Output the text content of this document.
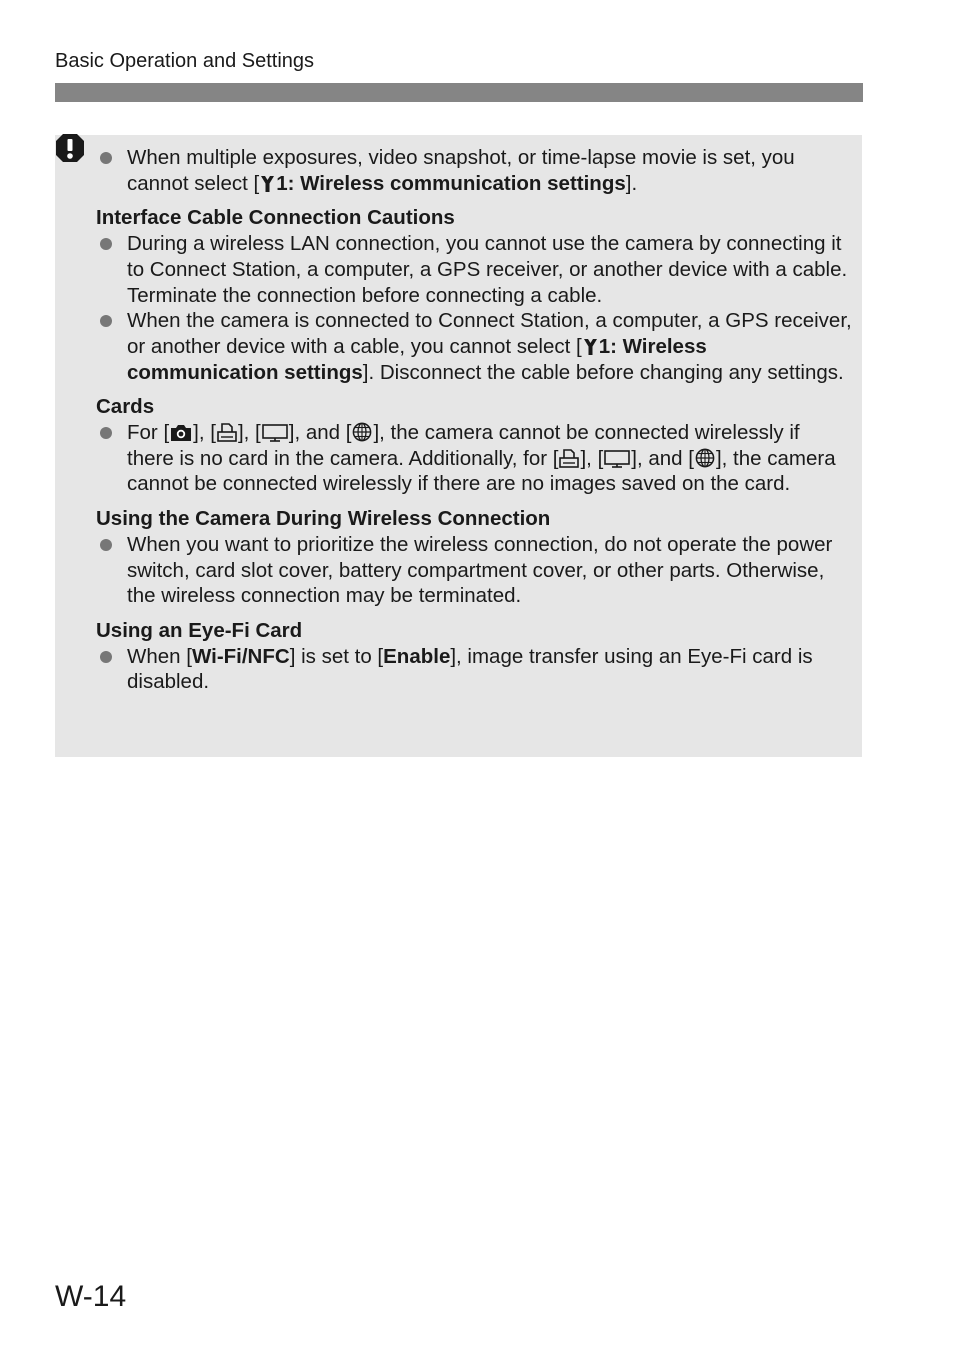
Basic Operation and Settings
When multiple exposures, video snapshot, or time-lapse movie is set, you cannot select [ 1: Wireless communication settings].
Interface Cable Connection Cautions
During a wireless LAN connection, you cannot use the camera by connecting it to Connect Station, a computer, a GPS receiver, or another device with a cable. Terminate the connection before connecting a cable.
When the camera is connected to Connect Station, a computer, a GPS receiver, or another device with a cable, you cannot select [ 1: Wireless communication settings]. Disconnect the cable before changing any settings.
Cards
For [ ], [ ], [ ], and [ ], the camera cannot be connected wirelessly if there is no card in the camera. Additionally, for [ ], [ ], and [ ], the camera cannot be connected wirelessly if there are no images saved on the card.
Using the Camera During Wireless Connection
When you want to prioritize the wireless connection, do not operate the power switch, card slot cover, battery compartment cover, or other parts. Otherwise, the wireless connection may be terminated.
Using an Eye-Fi Card
When [Wi-Fi/NFC] is set to [Enable], image transfer using an Eye-Fi card is disabled.
W-14
